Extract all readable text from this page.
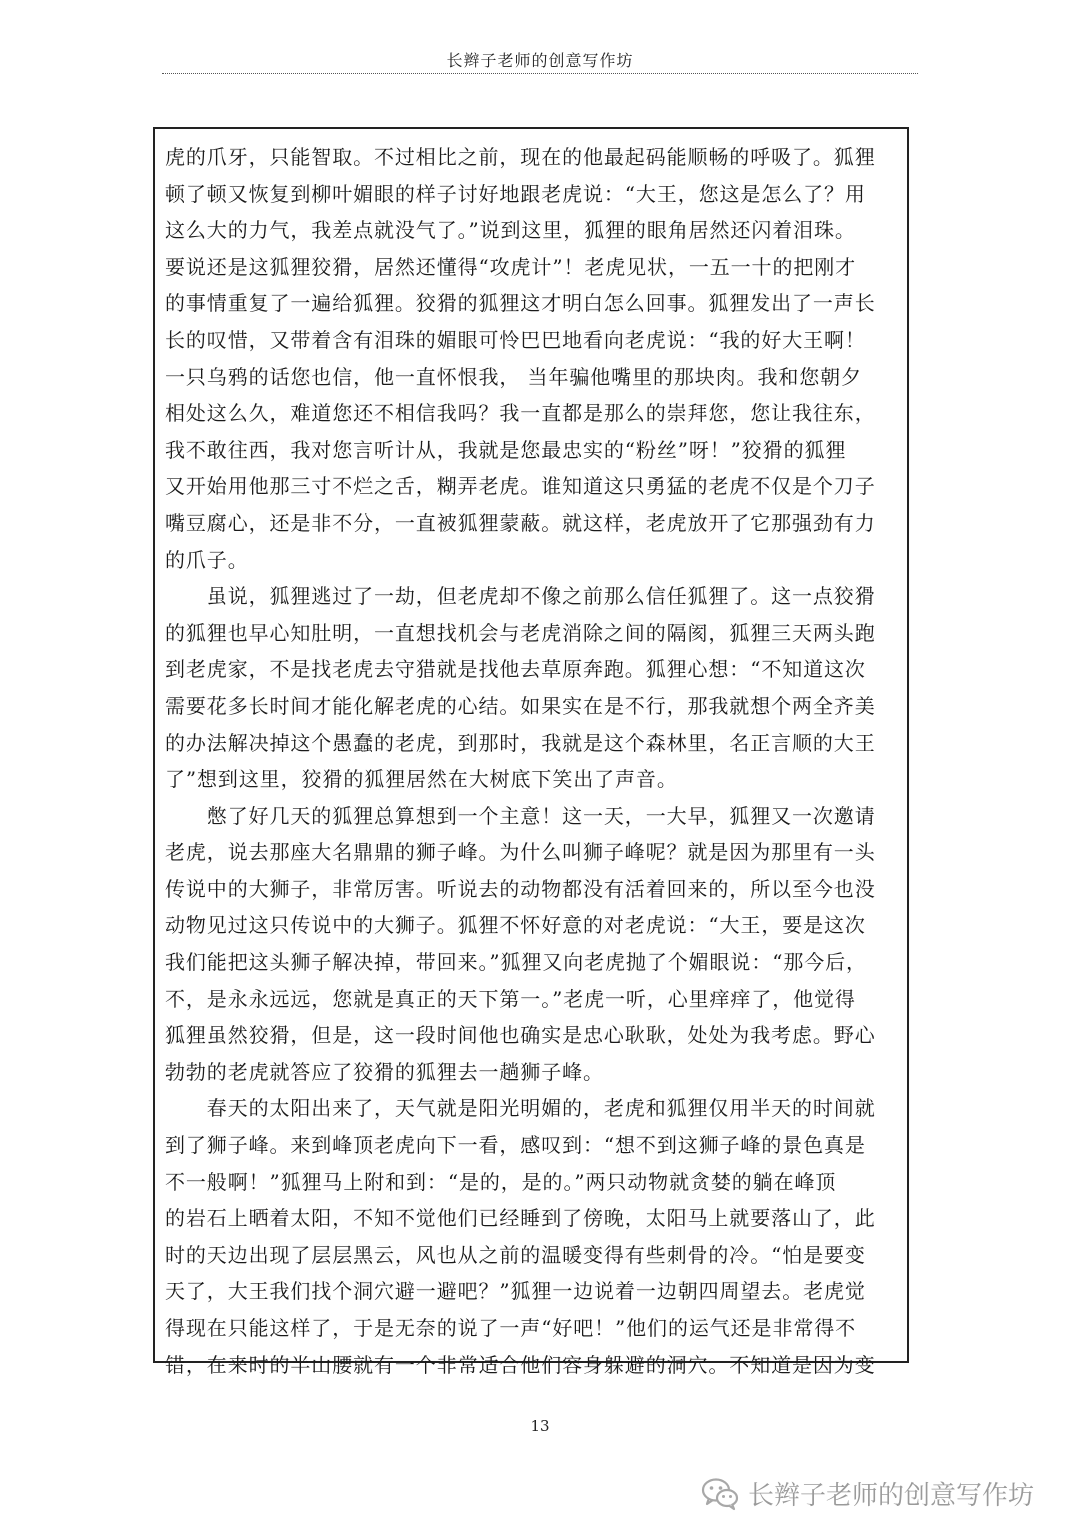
长辫子老师的创意写作坊
虎的爪牙，只能智取。不过相比之前，现在的他最起码能顺畅的呼吸了。狐狸
顿了顿又恢复到柳叶媚眼的样子讨好地跟老虎说：“大王，您这是怎么了？用
这么大的力气，我差点就没气了。”说到这里，狐狸的眼角居然还闪着泪珠。
要说还是这狐狸狡猾，居然还懂得“攻虎计”！老虎见状，一五一十的把刚才
的事情重复了一遍给狐狸。狡猾的狐狸这才明白怎么回事。狐狸发出了一声长
长的叹惜，又带着含有泪珠的媚眼可怜巴巴地看向老虎说：“我的好大王啊！
一只乌鸦的话您也信，他一直怀恨我， 当年骗他嘴里的那块肉。我和您朝夕
相处这么久，难道您还不相信我吗？我一直都是那么的崇拜您，您让我往东，
我不敢往西，我对您言听计从，我就是您最忠实的“粉丝”呀！”狡猾的狐狸
又开始用他那三寸不烂之舌，糊弄老虎。谁知道这只勇猛的老虎不仅是个刀子
嘴豆腐心，还是非不分，一直被狐狸蒙蔽。就这样，老虎放开了它那强劲有力
的爪子。
　　虽说，狐狸逃过了一劫，但老虎却不像之前那么信任狐狸了。这一点狡猾
的狐狸也早心知肚明，一直想找机会与老虎消除之间的隔阂，狐狸三天两头跑
到老虎家，不是找老虎去守猎就是找他去草原奔跑。狐狸心想：“不知道这次
需要花多长时间才能化解老虎的心结。如果实在是不行，那我就想个两全齐美
的办法解决掉这个愚蠢的老虎，到那时，我就是这个森林里，名正言顺的大王
了”想到这里，狡猾的狐狸居然在大树底下笑出了声音。
　　憋了好几天的狐狸总算想到一个主意！这一天，一大早，狐狸又一次邀请
老虎，说去那座大名鼎鼎的狮子峰。为什么叫狮子峰呢？就是因为那里有一头
传说中的大狮子，非常厉害。听说去的动物都没有活着回来的，所以至今也没
动物见过这只传说中的大狮子。狐狸不怀好意的对老虎说：“大王，要是这次
我们能把这头狮子解决掉，带回来。”狐狸又向老虎抛了个媚眼说：“那今后，
不，是永永远远，您就是真正的天下第一。”老虎一听，心里痒痒了，他觉得
狐狸虽然狡猾，但是，这一段时间他也确实是忠心耿耿，处处为我考虑。野心
勃勃的老虎就答应了狡猾的狐狸去一趟狮子峰。
　　春天的太阳出来了，天气就是阳光明媚的，老虎和狐狸仅用半天的时间就
到了狮子峰。来到峰顶老虎向下一看，感叹到：“想不到这狮子峰的景色真是
不一般啊！”狐狸马上附和到：“是的，是的。”两只动物就贪婪的躺在峰顶
的岩石上晒着太阳，不知不觉他们已经睡到了傍晚，太阳马上就要落山了，此
时的天边出现了层层黑云，风也从之前的温暖变得有些刺骨的冷。“怕是要变
天了，大王我们找个洞穴避一避吧？”狐狸一边说着一边朝四周望去。老虎觉
得现在只能这样了，于是无奈的说了一声“好吧！”他们的运气还是非常得不
错，在来时的半山腰就有一个非常适合他们容身躲避的洞穴。不知道是因为变
13
长辫子老师的创意写作坊
